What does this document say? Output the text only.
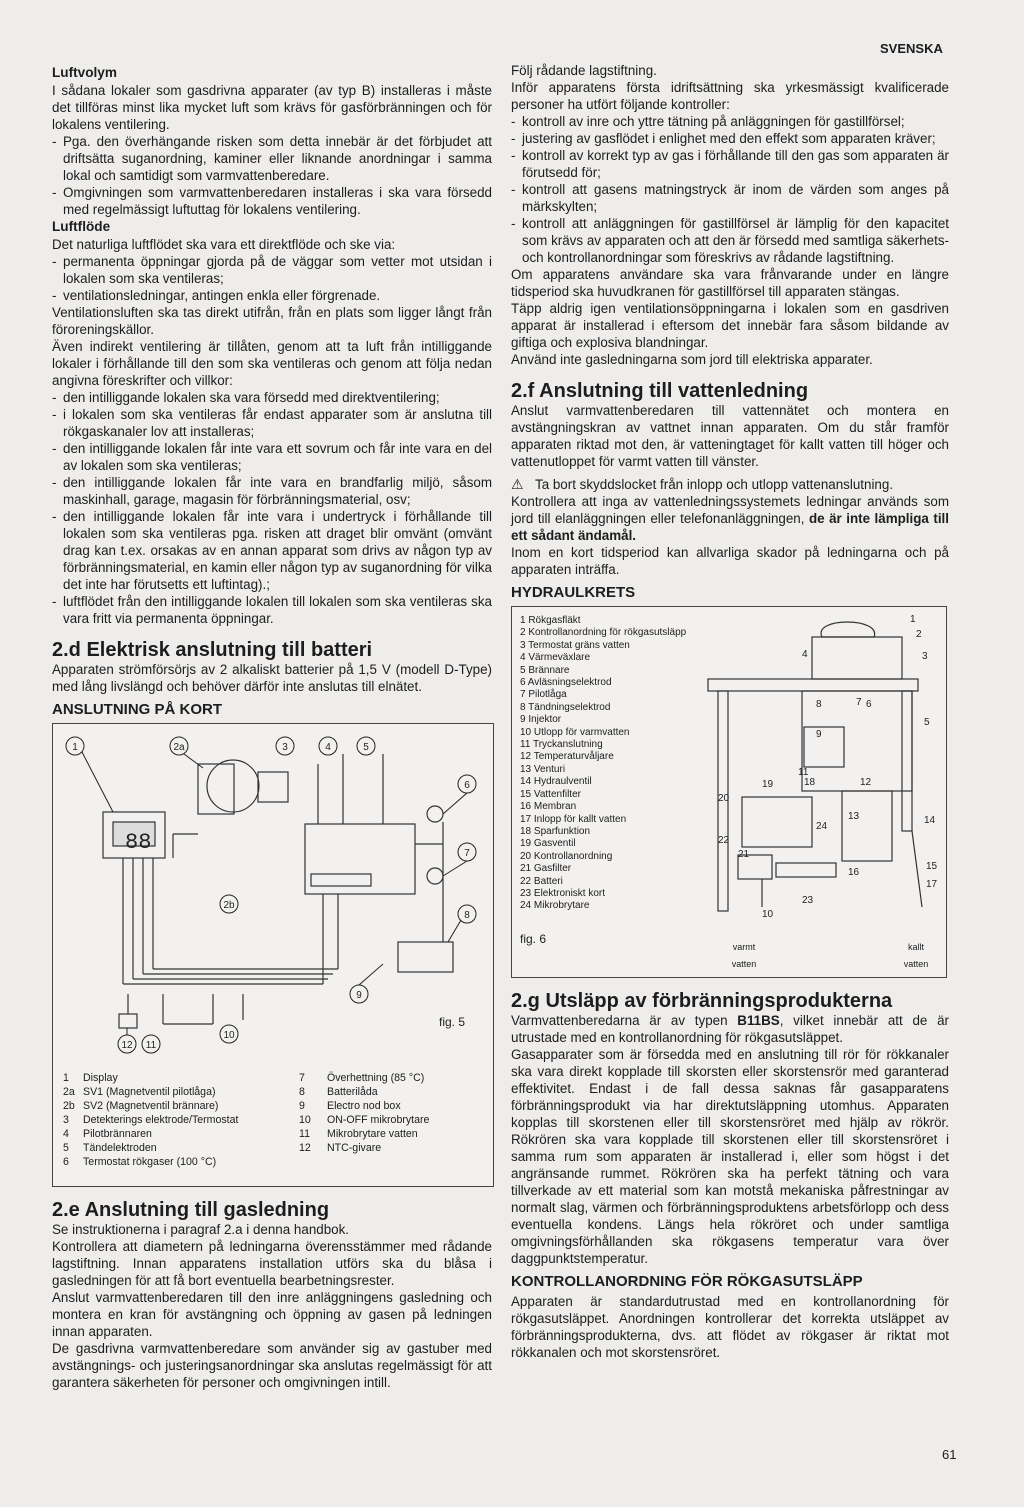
SVENSKA
Luftvolym

I sådana lokaler som gasdrivna apparater (av typ B) installeras i måste det tillföras minst lika mycket luft som krävs för gasförbränningen och för lokalens ventilering.

- Pga. den överhängande risken som detta innebär är det förbjudet att driftsätta suganordning, kaminer eller liknande anordningar i samma lokal och samtidigt som varmvattenberedare.
- Omgivningen som varmvattenberedaren installeras i ska vara försedd med regelmässigt luftuttag för lokalens ventilering.
Luftflöde

Det naturliga luftflödet ska vara ett direktflöde och ske via:

- permanenta öppningar gjorda på de väggar som vetter mot utsidan i lokalen som ska ventileras;
- ventilationsledningar, antingen enkla eller förgrenade.

Ventilationsluften ska tas direkt utifrån, från en plats som ligger långt från föroreningskällor.

Även indirekt ventilering är tillåten, genom att ta luft från intilliggande lokaler i förhållande till den som ska ventileras och genom att följa nedan angivna föreskrifter och villkor:

- den intilliggande lokalen ska vara försedd med direktventilering;
- i lokalen som ska ventileras får endast apparater som är anslutna till rökgaskanaler lov att installeras;
- den intilliggande lokalen får inte vara ett sovrum och får inte vara en del av lokalen som ska ventileras;
- den intilliggande lokalen får inte vara en brandfarlig miljö, såsom maskinhall, garage, magasin för förbränningsmaterial, osv;
- den intilliggande lokalen får inte vara i undertryck i förhållande till lokalen som ska ventileras pga. risken att draget blir omvänt (omvänt drag kan t.ex. orsakas av en annan apparat som drivs av någon typ av förbränningsmaterial, en kamin eller någon typ av suganordning för vilka det inte har förutsetts ett luftintag).;
- luftflödet från den intilliggande lokalen till lokalen som ska ventileras ska vara fritt via permanenta öppningar.
2.d Elektrisk anslutning till batteri

Apparaten strömförsörjs av 2 alkaliskt batterier på 1,5 V (modell D-Type) med lång livslängd och behöver därför inte anslutas till elnätet.

ANSLUTNING PÅ KORT
88
1	2a
2b
3	4	5
6
7
8
9
10
11
12
fig. 5
1	Display	7	Överhettning (85 °C)
2a SV1 (Magnetventil pilotlåga)	8	Batterilåda
2b SV2 (Magnetventil brännare)	9	Electro nod box
3	Detekterings elektrode/Termostat	10	ON-OFF mikrobrytare
4	Pilotbrännaren	11	Mikrobrytare vatten
5	Tändelektroden	12	NTC-givare
6	Termostat rökgaser (100 °C)
2.e Anslutning till gasledning

Se instruktionerna i paragraf 2.a i denna handbok.

Kontrollera att diametern på ledningarna överensstämmer med rådande lagstiftning. Innan apparatens installation utförs ska du blåsa i gasledningen för att få bort eventuella bearbetningsrester.

Anslut varmvattenberedaren till den inre anläggningens gasledning och montera en kran för avstängning och öppning av gasen på ledningen innan apparaten.

De gasdrivna varmvattenberedare som använder sig av gastuber med avstängnings- och justeringsanordningar ska anslutas regelmässigt för att garantera säkerheten för personer och omgivningen intill.

Följ rådande lagstiftning.

Inför apparatens första idriftsättning ska yrkesmässigt kvalificerade personer ha utfört följande kontroller:

- kontroll av inre och yttre tätning på anläggningen för gastillförsel;
- justering av gasflödet i enlighet med den effekt som apparaten kräver;
- kontroll av korrekt typ av gas i förhållande till den gas som apparaten är förutsedd för;
- kontroll att gasens matningstryck är inom de värden som anges på märkskylten;
- kontroll att anläggningen för gastillförsel är lämplig för den kapacitet som krävs av apparaten och att den är försedd med samtliga säkerhets- och kontrollanordningar som föreskrivs av rådande lagstiftning.

Om apparatens användare ska vara frånvarande under en längre tidsperiod ska huvudkranen för gastillförsel till apparaten stängas.

Täpp aldrig igen ventilationsöppningarna i lokalen som en gasdriven apparat är installerad i eftersom det innebär fara såsom bildande av giftiga och explosiva blandningar.

Använd inte gasledningarna som jord till elektriska apparater.

2.f Anslutning till vattenledning

Anslut varmvattenberedaren till vattennätet och montera en avstängningskran av vattnet innan apparaten. Om du står framför apparaten riktad mot den, är vatteningtaget för kallt vatten till höger och vattenutloppet för varmt vatten till vänster.

⚠ Ta bort skyddslocket från inlopp och utlopp vattenanslutning.

Kontrollera att inga av vattenledningssystemets ledningar används som jord till elanläggningen eller telefonanläggningen, de är inte lämpliga till ett sådant ändamål.

Inom en kort tidsperiod kan allvarliga skador på ledningarna och på apparaten inträffa.

HYDRAULKRETS
1 Rökgasfläkt
2 Kontrollanordning för rökgasutsläpp
3 Termostat gräns vatten
4 Värmeväxlare
5 Brännare
6 Avläsningselektrod
7 Pilotlåga
8 Tändningselektrod
9 Injektor
10 Utlopp för varmvatten
11 Tryckanslutning
12 Temperaturvåljare
13 Venturi
14 Hydraulventil
15 Vattenfilter
16 Membran
17 Inlopp för kallt vatten
18 Sparfunktion
19 Gasventil
20 Kontrollanordning
21 Gasfilter
22 Batteri
23 Elektroniskt kort
24 Mikrobrytare
1
2
3
4
5
6
7
8
9
10
11
12
13	14
15
16
17
18
19
20
21
22
23
24
fig. 6
varmt vatten
kallt vatten
2.g Utsläpp av förbränningsprodukterna

Varmvattenberedarna är av typen B11BS, vilket innebär att de är utrustade med en kontrollanordning för rökgasutsläppet.

Gasapparater som är försedda med en anslutning till rör för rökkanaler ska vara direkt kopplade till skorsten eller skorstensrör med garanterad effektivitet. Endast i de fall dessa saknas får gasapparatens förbränningsprodukt via har direktutsläppning utomhus. Apparaten kopplas till skorstenen eller till skorstensröret med hjälp av rökrör. Rökrören ska vara kopplade till skorstenen eller till skorstensröret i samma rum som apparaten är installerad i, eller som högst i det angränsande rummet. Rökrören ska ha perfekt tätning och vara tillverkade av ett material som kan motstå mekaniska påfrestningar av normalt slag, värmen och förbränningsproduktens arbetsförlopp och dess eventuella kondens. Längs hela rökröret och under samtliga omgivningsförhållanden ska rökgasens temperatur vara över daggpunktstemperatur.

KONTROLLANORDNING FÖR RÖKGASUTSLÄPP

Apparaten är standardutrustad med en kontrollanordning för rökgasutsläppet. Anordningen kontrollerar det korrekta utsläppet av förbränningsprodukterna, dvs. att flödet av rökgaser är riktat mot rökkanalen och mot skorstensröret.

61
